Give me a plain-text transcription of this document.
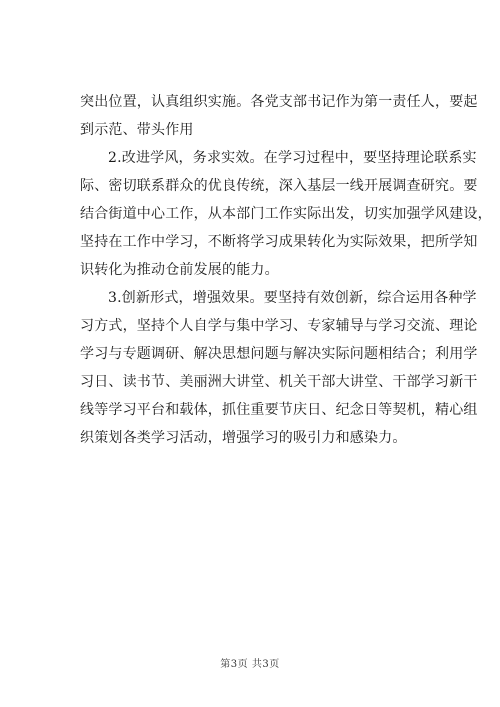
突出位置，认真组织实施。各党支部书记作为第一责任人，要起
到示范、带头作用
2.改进学风，务求实效。在学习过程中，要坚持理论联系实
际、密切联系群众的优良传统，深入基层一线开展调查研究。要
结合街道中心工作，从本部门工作实际出发，切实加强学风建设，
坚持在工作中学习，不断将学习成果转化为实际效果，把所学知
识转化为推动仓前发展的能力。
3.创新形式，增强效果。要坚持有效创新，综合运用各种学
习方式，坚持个人自学与集中学习、专家辅导与学习交流、理论
学习与专题调研、解决思想问题与解决实际问题相结合；利用学
习日、读书节、美丽洲大讲堂、机关干部大讲堂、干部学习新干
线等学习平台和载体，抓住重要节庆日、纪念日等契机，精心组
织策划各类学习活动，增强学习的吸引力和感染力。
第3页 共3页
